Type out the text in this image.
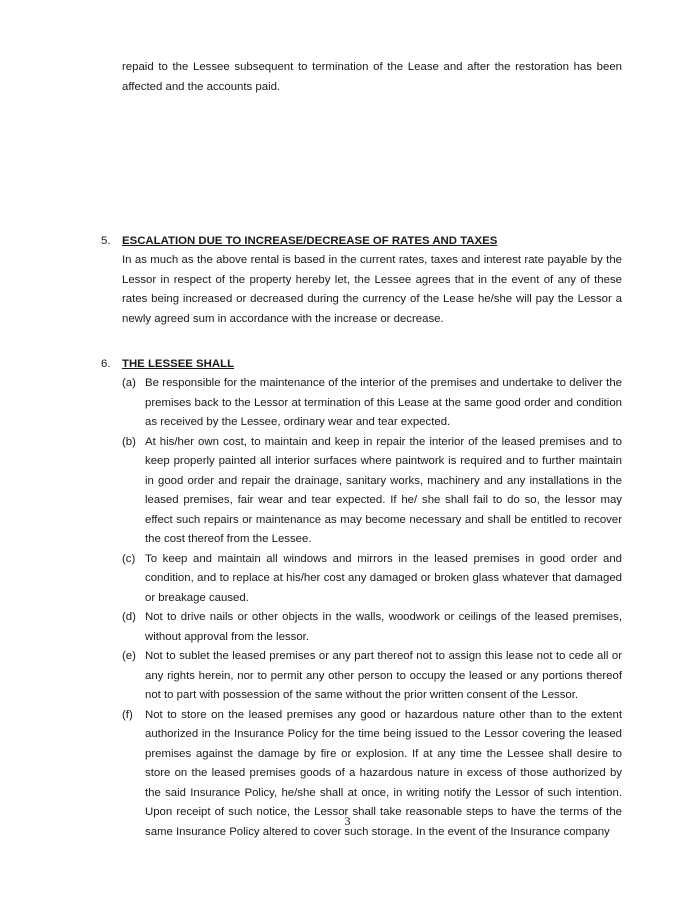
repaid to the Lessee subsequent to termination of the Lease and after the restoration has been affected and the accounts paid.

5. ESCALATION DUE TO INCREASE/DECREASE OF RATES AND TAXES

In as much as the above rental is based in the current rates, taxes and interest rate payable by the Lessor in respect of the property hereby let, the Lessee agrees that in the event of any of these rates being increased or decreased during the currency of the Lease he/she will pay the Lessor a newly agreed sum in accordance with the increase or decrease.

6. THE LESSEE SHALL
(a) Be responsible for the maintenance of the interior of the premises and undertake to deliver the premises back to the Lessor at termination of this Lease at the same good order and condition as received by the Lessee, ordinary wear and tear expected.
(b) At his/her own cost, to maintain and keep in repair the interior of the leased premises and to keep properly painted all interior surfaces where paintwork is required and to further maintain in good order and repair the drainage, sanitary works, machinery and any installations in the leased premises, fair wear and tear expected. If he/ she shall fail to do so, the lessor may effect such repairs or maintenance as may become necessary and shall be entitled to recover the cost thereof from the Lessee.
(c) To keep and maintain all windows and mirrors in the leased premises in good order and condition, and to replace at his/her cost any damaged or broken glass whatever that damaged or breakage caused.
(d) Not to drive nails or other objects in the walls, woodwork or ceilings of the leased premises, without approval from the lessor.
(e) Not to sublet the leased premises or any part thereof not to assign this lease not to cede all or any rights herein, nor to permit any other person to occupy the leased or any portions thereof not to part with possession of the same without the prior written consent of the Lessor.
(f) Not to store on the leased premises any good or hazardous nature other than to the extent authorized in the Insurance Policy for the time being issued to the Lessor covering the leased premises against the damage by fire or explosion. If at any time the Lessee shall desire to store on the leased premises goods of a hazardous nature in excess of those authorized by the said Insurance Policy, he/she shall at once, in writing notify the Lessor of such intention. Upon receipt of such notice, the Lessor shall take reasonable steps to have the terms of the same Insurance Policy altered to cover such storage. In the event of the Insurance company
3
